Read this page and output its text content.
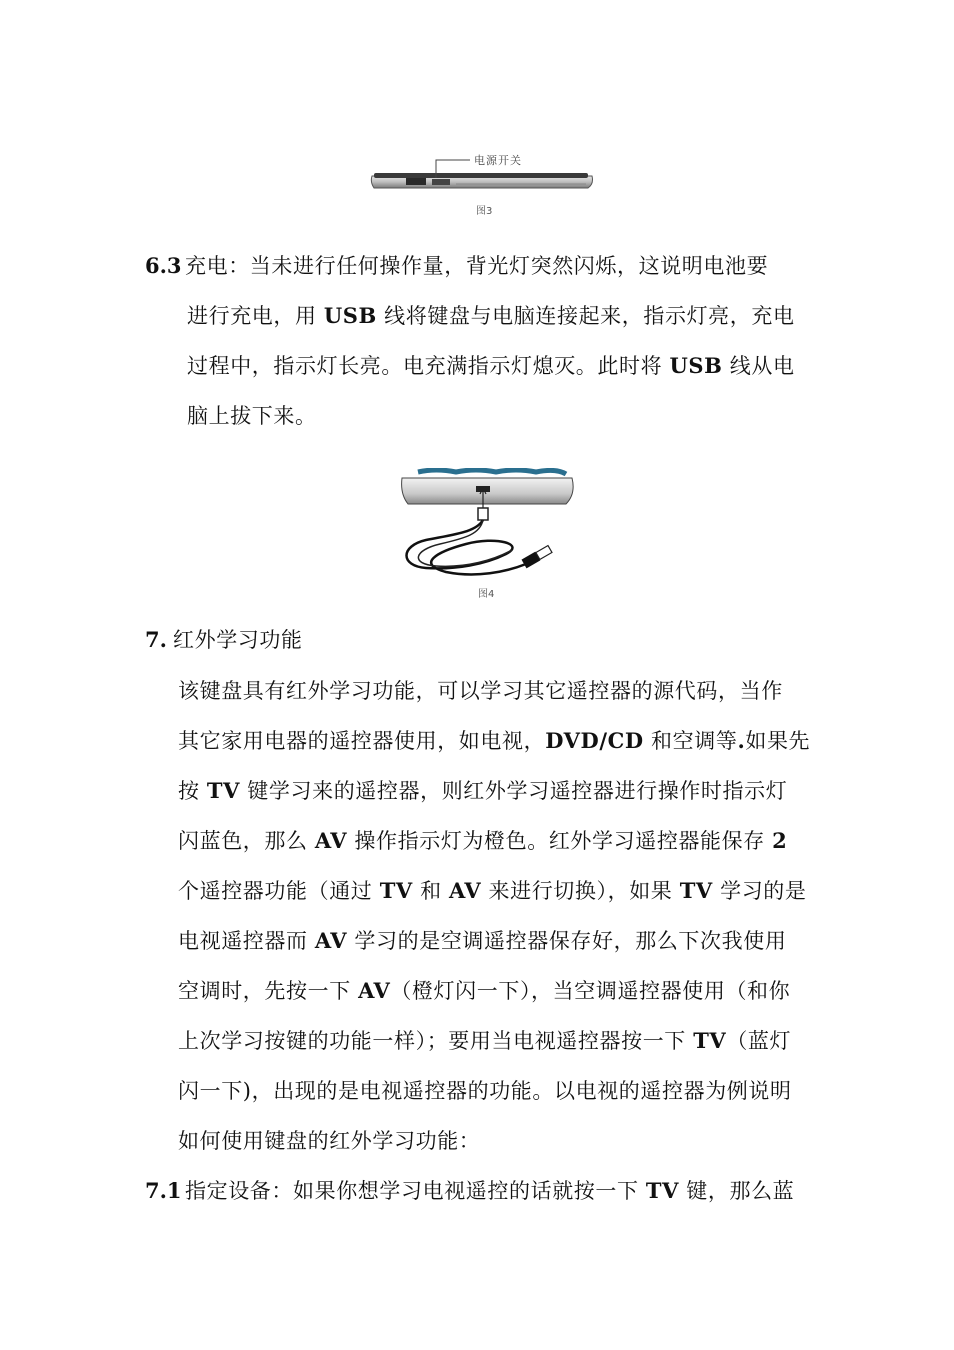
电源开关
图3
6.3 充电：当未进行任何操作量，背光灯突然闪烁，这说明电池要
进行充电，用 USB 线将键盘与电脑连接起来，指示灯亮，充电
过程中，指示灯长亮。电充满指示灯熄灭。此时将 USB 线从电
脑上拔下来。
图4
7. 红外学习功能
该键盘具有红外学习功能，可以学习其它遥控器的源代码，当作
其它家用电器的遥控器使用，如电视，DVD/CD 和空调等.如果先
按 TV 键学习来的遥控器，则红外学习遥控器进行操作时指示灯
闪蓝色，那么 AV 操作指示灯为橙色。红外学习遥控器能保存 2
个遥控器功能（通过 TV 和 AV 来进行切换），如果 TV 学习的是
电视遥控器而 AV 学习的是空调遥控器保存好，那么下次我使用
空调时，先按一下 AV（橙灯闪一下），当空调遥控器使用（和你
上次学习按键的功能一样）；要用当电视遥控器按一下 TV（蓝灯
闪一下)，出现的是电视遥控器的功能。以电视的遥控器为例说明
如何使用键盘的红外学习功能：
7.1 指定设备：如果你想学习电视遥控的话就按一下 TV 键，那么蓝
